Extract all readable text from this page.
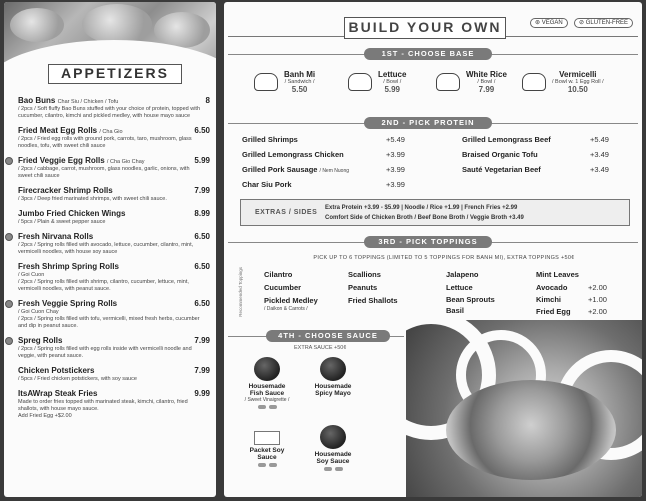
APPETIZERS
Bao Buns Char Siu / Chicken / Tofu	8
/ 2pcs / Soft fluffy Bao Buns stuffed with your choice of protein, topped with cucumber, cilantro, kimchi and pickled medley, with house mayo sauce
Fried Meat Egg Rolls / Cha Gio	6.50
/ 2pcs / Fried egg rolls with ground pork, carrots, taro, mushroom, glass noodles, tofu, with sweet chili sauce
Fried Veggie Egg Rolls / Cha Gio Chay	5.99
/ 2pcs / cabbage, carrot, mushroom, glass noodles, garlic, onions, with sweet chili sauce
Firecracker Shrimp Rolls	7.99
/ 3pcs / Deep fried marinated shrimps, with sweet chili sauce.
Jumbo Fried Chicken Wings	8.99
/ 5pcs / Plain & sweet pepper sauce
Fresh Nirvana Rolls	6.50
/ 2pcs / Spring rolls filled with avocado, lettuce, cucumber, cilantro, mint, vermicelli noodles, with house soy sauce
Fresh Shrimp Spring Rolls	6.50
/ Goi Cuon
/ 2pcs / Spring rolls filled with shrimp, cilantro, cucumber, lettuce, mint, vermicelli noodles, with peanut sauce.
Fresh Veggie Spring Rolls	6.50
/ Goi Cuon Chay
/ 2pcs / Spring rolls filled with tofu, vermicelli, mixed fresh herbs, cucumber and dip in peanut sauce.
Spreg Rolls	7.99
/ 2pcs / Spring rolls filled with egg rolls inside with vermicelli noodle and veggie, with peanut sauce.
Chicken Potstickers	7.99
/ 5pcs / Fried chicken potstickers, with soy sauce
ItsAWrap Steak Fries	9.99
Made to order fries topped with marinated steak, kimchi, cilantro, fried shallots, with house mayo sauce.
Add Fried Egg +$2.00
BUILD YOUR OWN	⊛ VEGAN	⊘ GLUTEN-FREE
1ST - CHOOSE BASE
Banh Mi
/ Sandwich /
5.50
Lettuce
/ Bowl /
5.99
White Rice
/ Bowl /
7.99
Vermicelli
/ Bowl w. 1 Egg Roll /
10.50
2ND - PICK PROTEIN
Grilled Shrimps	+5.49
Grilled Lemongrass Chicken	+3.99
Grilled Pork Sausage / Nem Nuong	+3.99
Char Siu Pork	+3.99
Grilled Lemongrass Beef	+5.49
Braised Organic Tofu	+3.49
Sauté Vegetarian Beef	+3.49
EXTRAS / SIDES
Extra Protein +3.99 - $5.99 | Noodle / Rice +1.99 | French Fries +2.99
Comfort Side of Chicken Broth / Beef Bone Broth / Veggie Broth +3.49
3RD - PICK TOPPINGS
PICK UP TO 6 TOPPINGS (LIMITED TO 5 TOPPINGS FOR BANH MI), EXTRA TOPPINGS +50¢
Recommended Toppings	Cilantro
Cucumber
Pickled Medley
/ Daikon & Carrots /
Scallions
Peanuts
Fried Shallots
Jalapeno
Lettuce
Bean Sprouts
Basil
Mint Leaves
Avocado	+2.00
Kimchi	+1.00
Fried Egg +2.00
4TH - CHOOSE SAUCE
EXTRA SAUCE +50¢
Housemade Fish Sauce
/ Sweet Vinaigrette /
Housemade Spicy Mayo
Packet Soy Sauce	Housemade Soy Sauce
